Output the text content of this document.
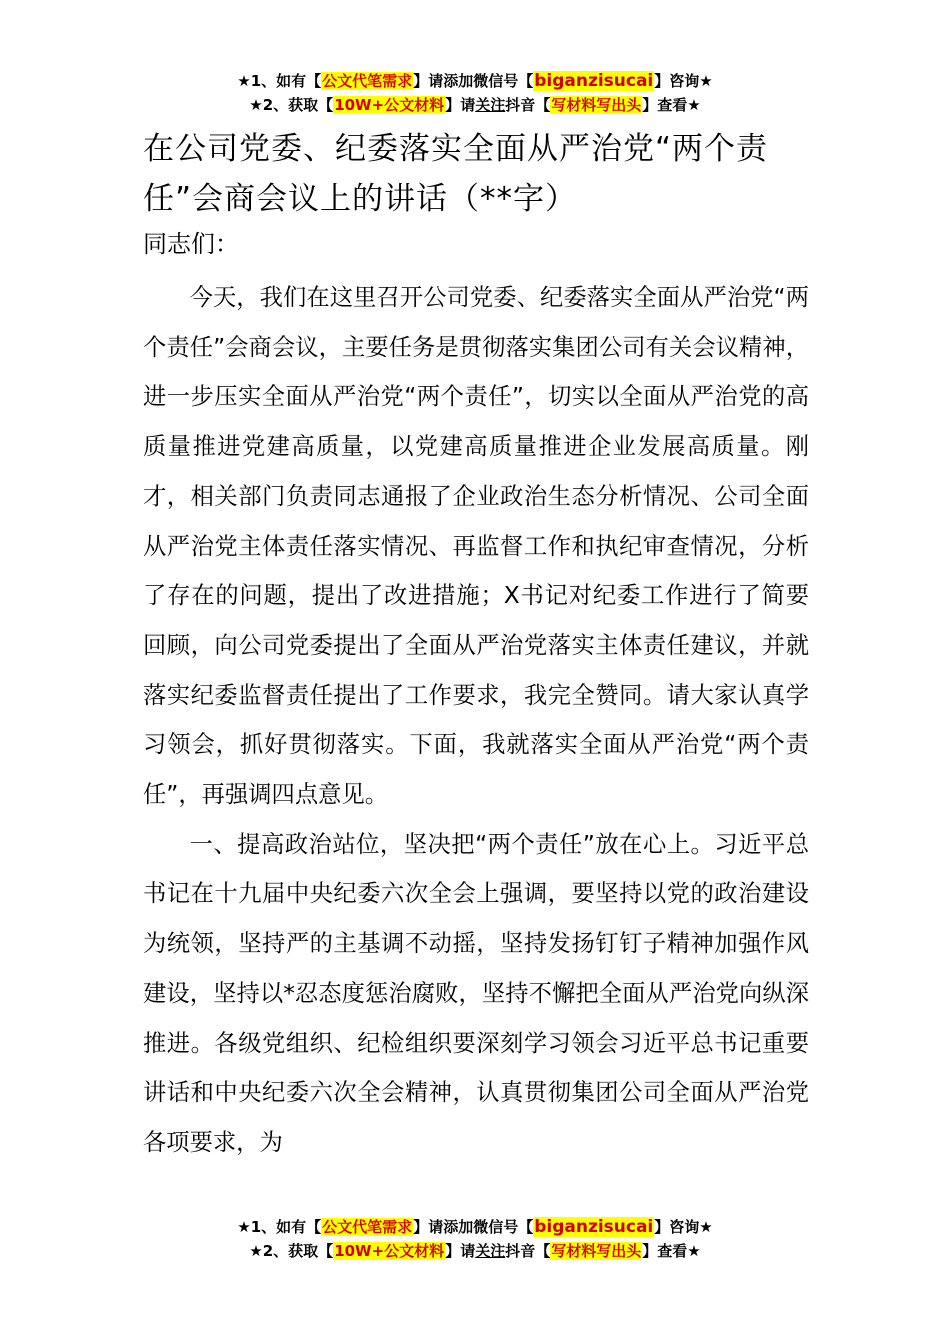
★1、如有【公文代笔需求】请添加微信号【biganzisucai】咨询★
★2、获取【10W+公文材料】请关注抖音【写材料写出头】查看★
在公司党委、纪委落实全面从严治党“两个责任”会商会议上的讲话（**字）
同志们：

今天，我们在这里召开公司党委、纪委落实全面从严治党“两个责任”会商会议，主要任务是贯彻落实集团公司有关会议精神，进一步压实全面从严治党“两个责任”，切实以全面从严治党的高质量推进党建高质量，以党建高质量推进企业发展高质量。刚才，相关部门负责同志通报了企业政治生态分析情况、公司全面从严治党主体责任落实情况、再监督工作和执纪审查情况，分析了存在的问题，提出了改进措施；X书记对纪委工作进行了简要回顾，向公司党委提出了全面从严治党落实主体责任建议，并就落实纪委监督责任提出了工作要求，我完全赞同。请大家认真学习领会，抓好贯彻落实。下面，我就落实全面从严治党“两个责任”，再强调四点意见。

一、提高政治站位，坚决把“两个责任”放在心上。习近平总书记在十九届中央纪委六次全会上强调，要坚持以党的政治建设为统领，坚持严的主基调不动摇，坚持发扬钉钉子精神加强作风建设，坚持以*忍态度惩治腐败，坚持不懈把全面从严治党向纵深推进。各级党组织、纪检组织要深刻学习领会习近平总书记重要讲话和中央纪委六次全会精神，认真贯彻集团公司全面从严治党各项要求，为

★1、如有【公文代笔需求】请添加微信号【biganzisucai】咨询★
★2、获取【10W+公文材料】请关注抖音【写材料写出头】查看★
